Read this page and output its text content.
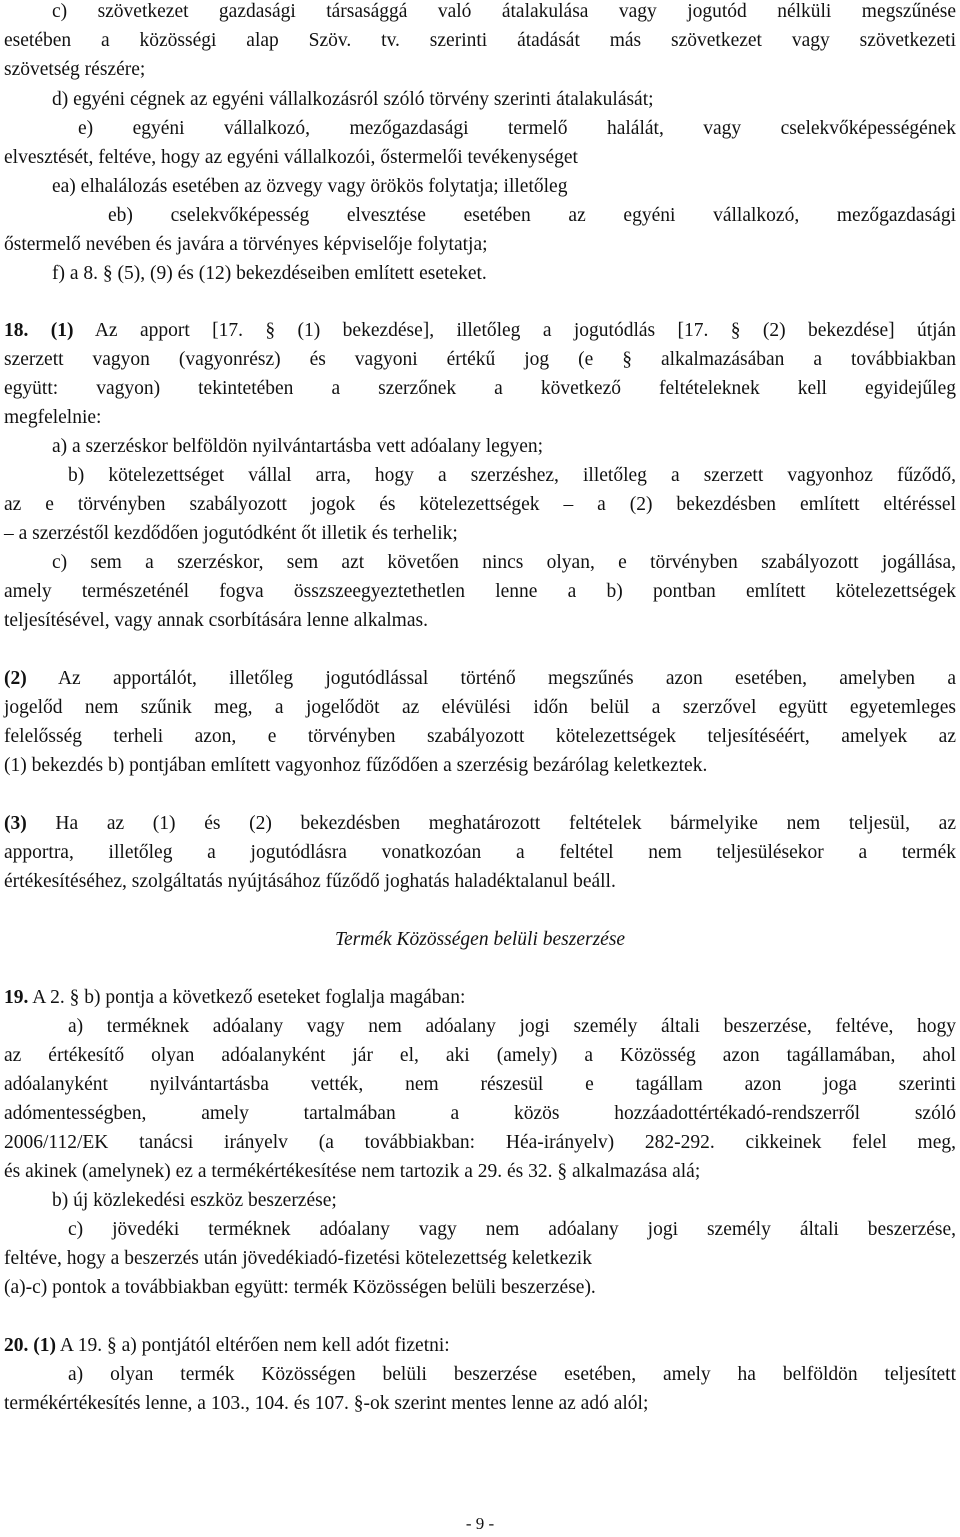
c) szövetkezet gazdasági társasággá való átalakulása vagy jogutód nélküli megszűnése
esetében a közösségi alap Szöv. tv. szerinti átadását más szövetkezet vagy szövetkezeti
szövetség részére;
d) egyéni cégnek az egyéni vállalkozásról szóló törvény szerinti átalakulását;
e) egyéni vállalkozó, mezőgazdasági termelő halálát, vagy cselekvőképességének
elvesztését, feltéve, hogy az egyéni vállalkozói, őstermelői tevékenységet
ea) elhalálozás esetében az özvegy vagy örökös folytatja; illetőleg
eb) cselekvőképesség elvesztése esetében az egyéni vállalkozó, mezőgazdasági
őstermelő nevében és javára a törvényes képviselője folytatja;
f) a 8. § (5), (9) és (12) bekezdéseiben említett eseteket.
18. (1) Az apport [17. § (1) bekezdése], illetőleg a jogutódlás [17. § (2) bekezdése] útján
szerzett vagyon (vagyonrész) és vagyoni értékű jog (e § alkalmazásában a továbbiakban
együtt: vagyon) tekintetében a szerzőnek a következő feltételeknek kell egyidejűleg
megfelelnie:
a) a szerzéskor belföldön nyilvántartásba vett adóalany legyen;
b) kötelezettséget vállal arra, hogy a szerzéshez, illetőleg a szerzett vagyonhoz fűződő,
az e törvényben szabályozott jogok és kötelezettségek – a (2) bekezdésben említett eltéréssel
– a szerzéstől kezdődően jogutódként őt illetik és terhelik;
c) sem a szerzéskor, sem azt követően nincs olyan, e törvényben szabályozott jogállása,
amely természeténél fogva összszeegyeztethetlen lenne a b) pontban említett kötelezettségek
teljesítésével, vagy annak csorbítására lenne alkalmas.
(2) Az apportálót, illetőleg jogutódlással történő megszűnés azon esetében, amelyben a
jogelőd nem szűnik meg, a jogelődöt az elévülési időn belül a szerzővel együtt egyetemleges
felelősség terheli azon, e törvényben szabályozott kötelezettségek teljesítéséért, amelyek az
(1) bekezdés b) pontjában említett vagyonhoz fűződően a szerzésig bezárólag keletkeztek.
(3) Ha az (1) és (2) bekezdésben meghatározott feltételek bármelyike nem teljesül, az
apportra, illetőleg a jogutódlásra vonatkozóan a feltétel nem teljesülésekor a termék
értékesítéséhez, szolgáltatás nyújtásához fűződő joghatás haladéktalanul beáll.
Termék Közösségen belüli beszerzése
19. A 2. § b) pontja a következő eseteket foglalja magában:
a) terméknek adóalany vagy nem adóalany jogi személy általi beszerzése, feltéve, hogy
az értékesítő olyan adóalanyként jár el, aki (amely) a Közösség azon tagállamában, ahol
adóalanyként nyilvántartásba vették, nem részesül e tagállam azon joga szerinti
adómentességben, amely tartalmában a közös hozzáadottértékadó-rendszerről szóló
2006/112/EK tanácsi irányelv (a továbbiakban: Héa-irányelv) 282-292. cikkeinek felel meg,
és akinek (amelynek) ez a termékértékesítése nem tartozik a 29. és 32. § alkalmazása alá;
b) új közlekedési eszköz beszerzése;
c) jövedéki terméknek adóalany vagy nem adóalany jogi személy általi beszerzése,
feltéve, hogy a beszerzés után jövedékiadó-fizetési kötelezettség keletkezik
(a)-c) pontok a továbbiakban együtt: termék Közösségen belüli beszerzése).
20. (1) A 19. § a) pontjától eltérően nem kell adót fizetni:
a) olyan termék Közösségen belüli beszerzése esetében, amely ha belföldön teljesített
termékértékesítés lenne, a 103., 104. és 107. §-ok szerint mentes lenne az adó alól;
- 9 -
